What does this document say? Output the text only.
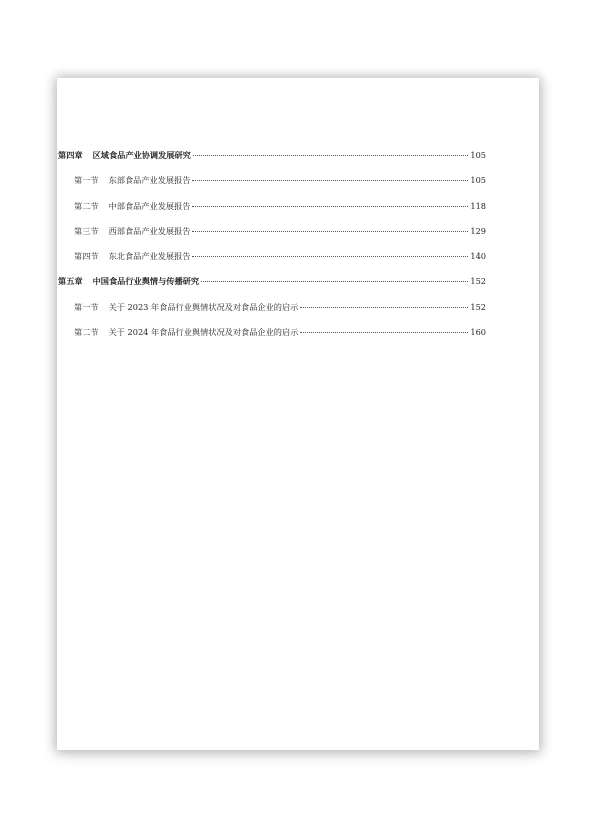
第四章 区域食品产业协调发展研究	105
第一节 东部食品产业发展报告	105
第二节 中部食品产业发展报告	118
第三节 西部食品产业发展报告	129
第四节 东北食品产业发展报告	140
第五章 中国食品行业舆情与传播研究	152
第一节 关于 2023 年食品行业舆情状况及对食品企业的启示	152
第二节 关于 2024 年食品行业舆情状况及对食品企业的启示	160
